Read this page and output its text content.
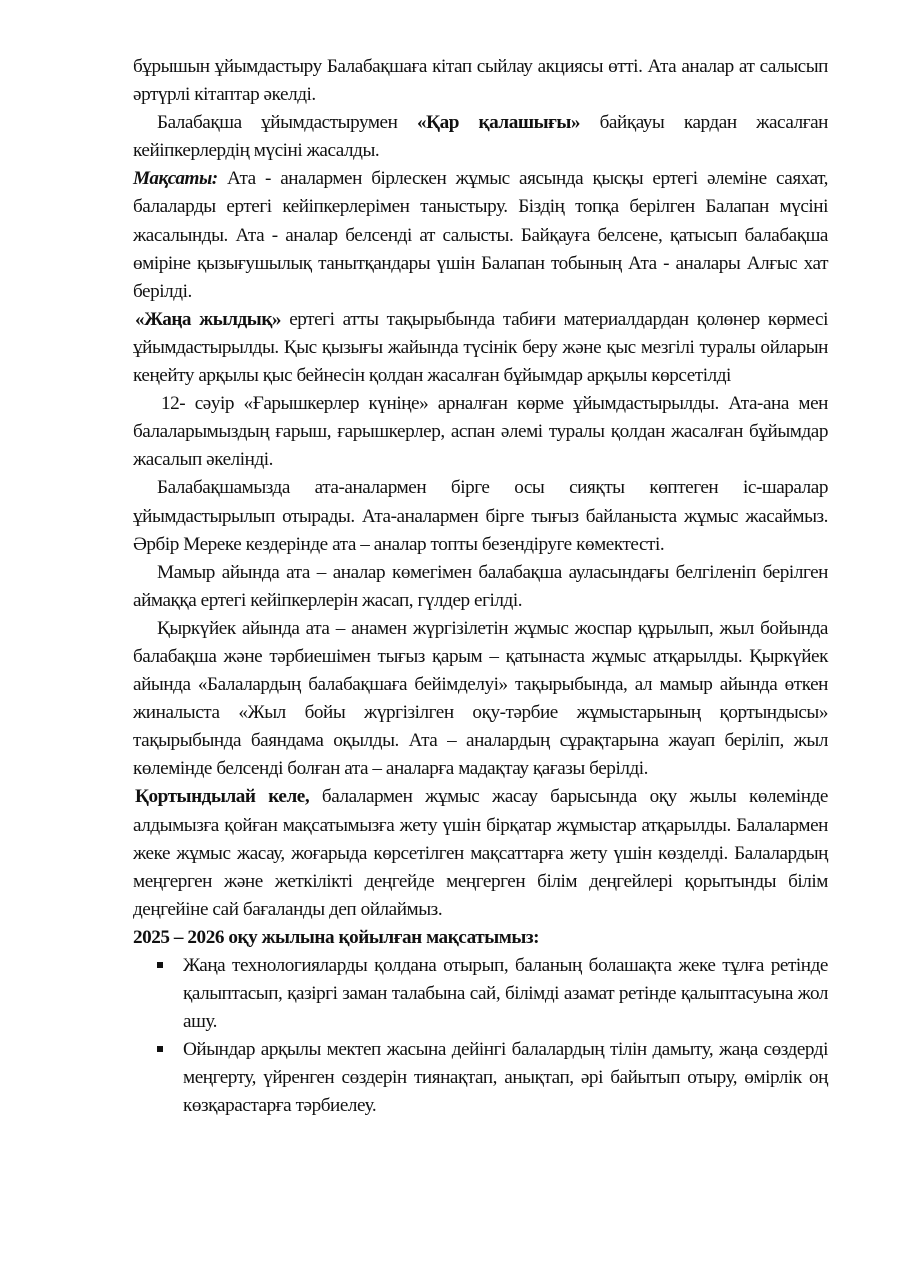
бұрышын ұйымдастыру Балабақшаға кітап сыйлау акциясы өтті. Ата аналар ат салысып әртүрлі кітаптар әкелді.

Балабақша ұйымдастырумен «Қар қалашығы» байқауы кардан жасалған кейіпкерлердің мүсіні жасалды.

Мақсаты: Ата - аналармен бірлескен жұмыс аясында қысқы ертегі әлеміне саяхат, балаларды ертегі кейіпкерлерімен таныстыру. Біздің топқа берілген Балапан мүсіні жасалынды. Ата - аналар белсенді ат салысты. Байқауға белсене, қатысып балабақша өміріне қызығушылық танытқандары үшін Балапан тобының Ата - аналары Алғыс хат берілді.

«Жаңа жылдық» ертегі атты тақырыбында табиғи материалдардан қолөнер көрмесі ұйымдастырылды. Қыс қызығы жайында түсінік беру және қыс мезгілі туралы ойларын кеңейту арқылы қыс бейнесін қолдан жасалған бұйымдар арқылы көрсетілді

12- сәуір «Ғарышкерлер күніңе» арналған көрме ұйымдастырылды. Ата-ана мен балаларымыздың ғарыш, ғарышкерлер, аспан әлемі туралы қолдан жасалған бұйымдар жасалып әкелінді.

Балабақшамызда ата-аналармен бірге осы сияқты көптеген іс-шаралар ұйымдастырылып отырады. Ата-аналармен бірге тығыз байланыста жұмыс жасаймыз. Әрбір Мереке кездерінде ата – аналар топты безендіруге көмектесті.

Мамыр айында ата – аналар көмегімен балабақша ауласындағы белгіленіп берілген аймаққа ертегі кейіпкерлерін жасап, гүлдер егілді.

Қыркүйек айында ата – анамен жүргізілетін жұмыс жоспар құрылып, жыл бойында балабақша және тәрбиешімен тығыз қарым – қатынаста жұмыс атқарылды. Қыркүйек айында «Балалардың балабақшаға бейімделуі» тақырыбында, ал мамыр айында өткен жиналыста «Жыл бойы жүргізілген оқу-тәрбие жұмыстарының қортындысы» тақырыбында баяндама оқылды. Ата – аналардың сұрақтарына жауап беріліп, жыл көлемінде белсенді болған ата – аналарға мадақтау қағазы берілді.

Қортындылай келе, балалармен жұмыс жасау барысында оқу жылы көлемінде алдымызға қойған мақсатымызға жету үшін бірқатар жұмыстар атқарылды. Балалармен жеке жұмыс жасау, жоғарыда көрсетілген мақсаттарға жету үшін көзделді. Балалардың меңгерген және жеткілікті деңгейде меңгерген білім деңгейлері қорытынды білім деңгейіне сай бағаланды деп ойлаймыз.

2025 – 2026 оқу жылына қойылған мақсатымыз:

Жаңа технологияларды қолдана отырып, баланың болашақта жеке тұлға ретінде қалыптасып, қазіргі заман талабына сай, білімді азамат ретінде қалыптасуына жол ашу.
Ойындар арқылы мектеп жасына дейінгі балалардың тілін дамыту, жаңа сөздерді меңгерту, үйренген сөздерін тиянақтап, анықтап, әрі байытып отыру, өмірлік оң көзқарастарға тәрбиелеу.
